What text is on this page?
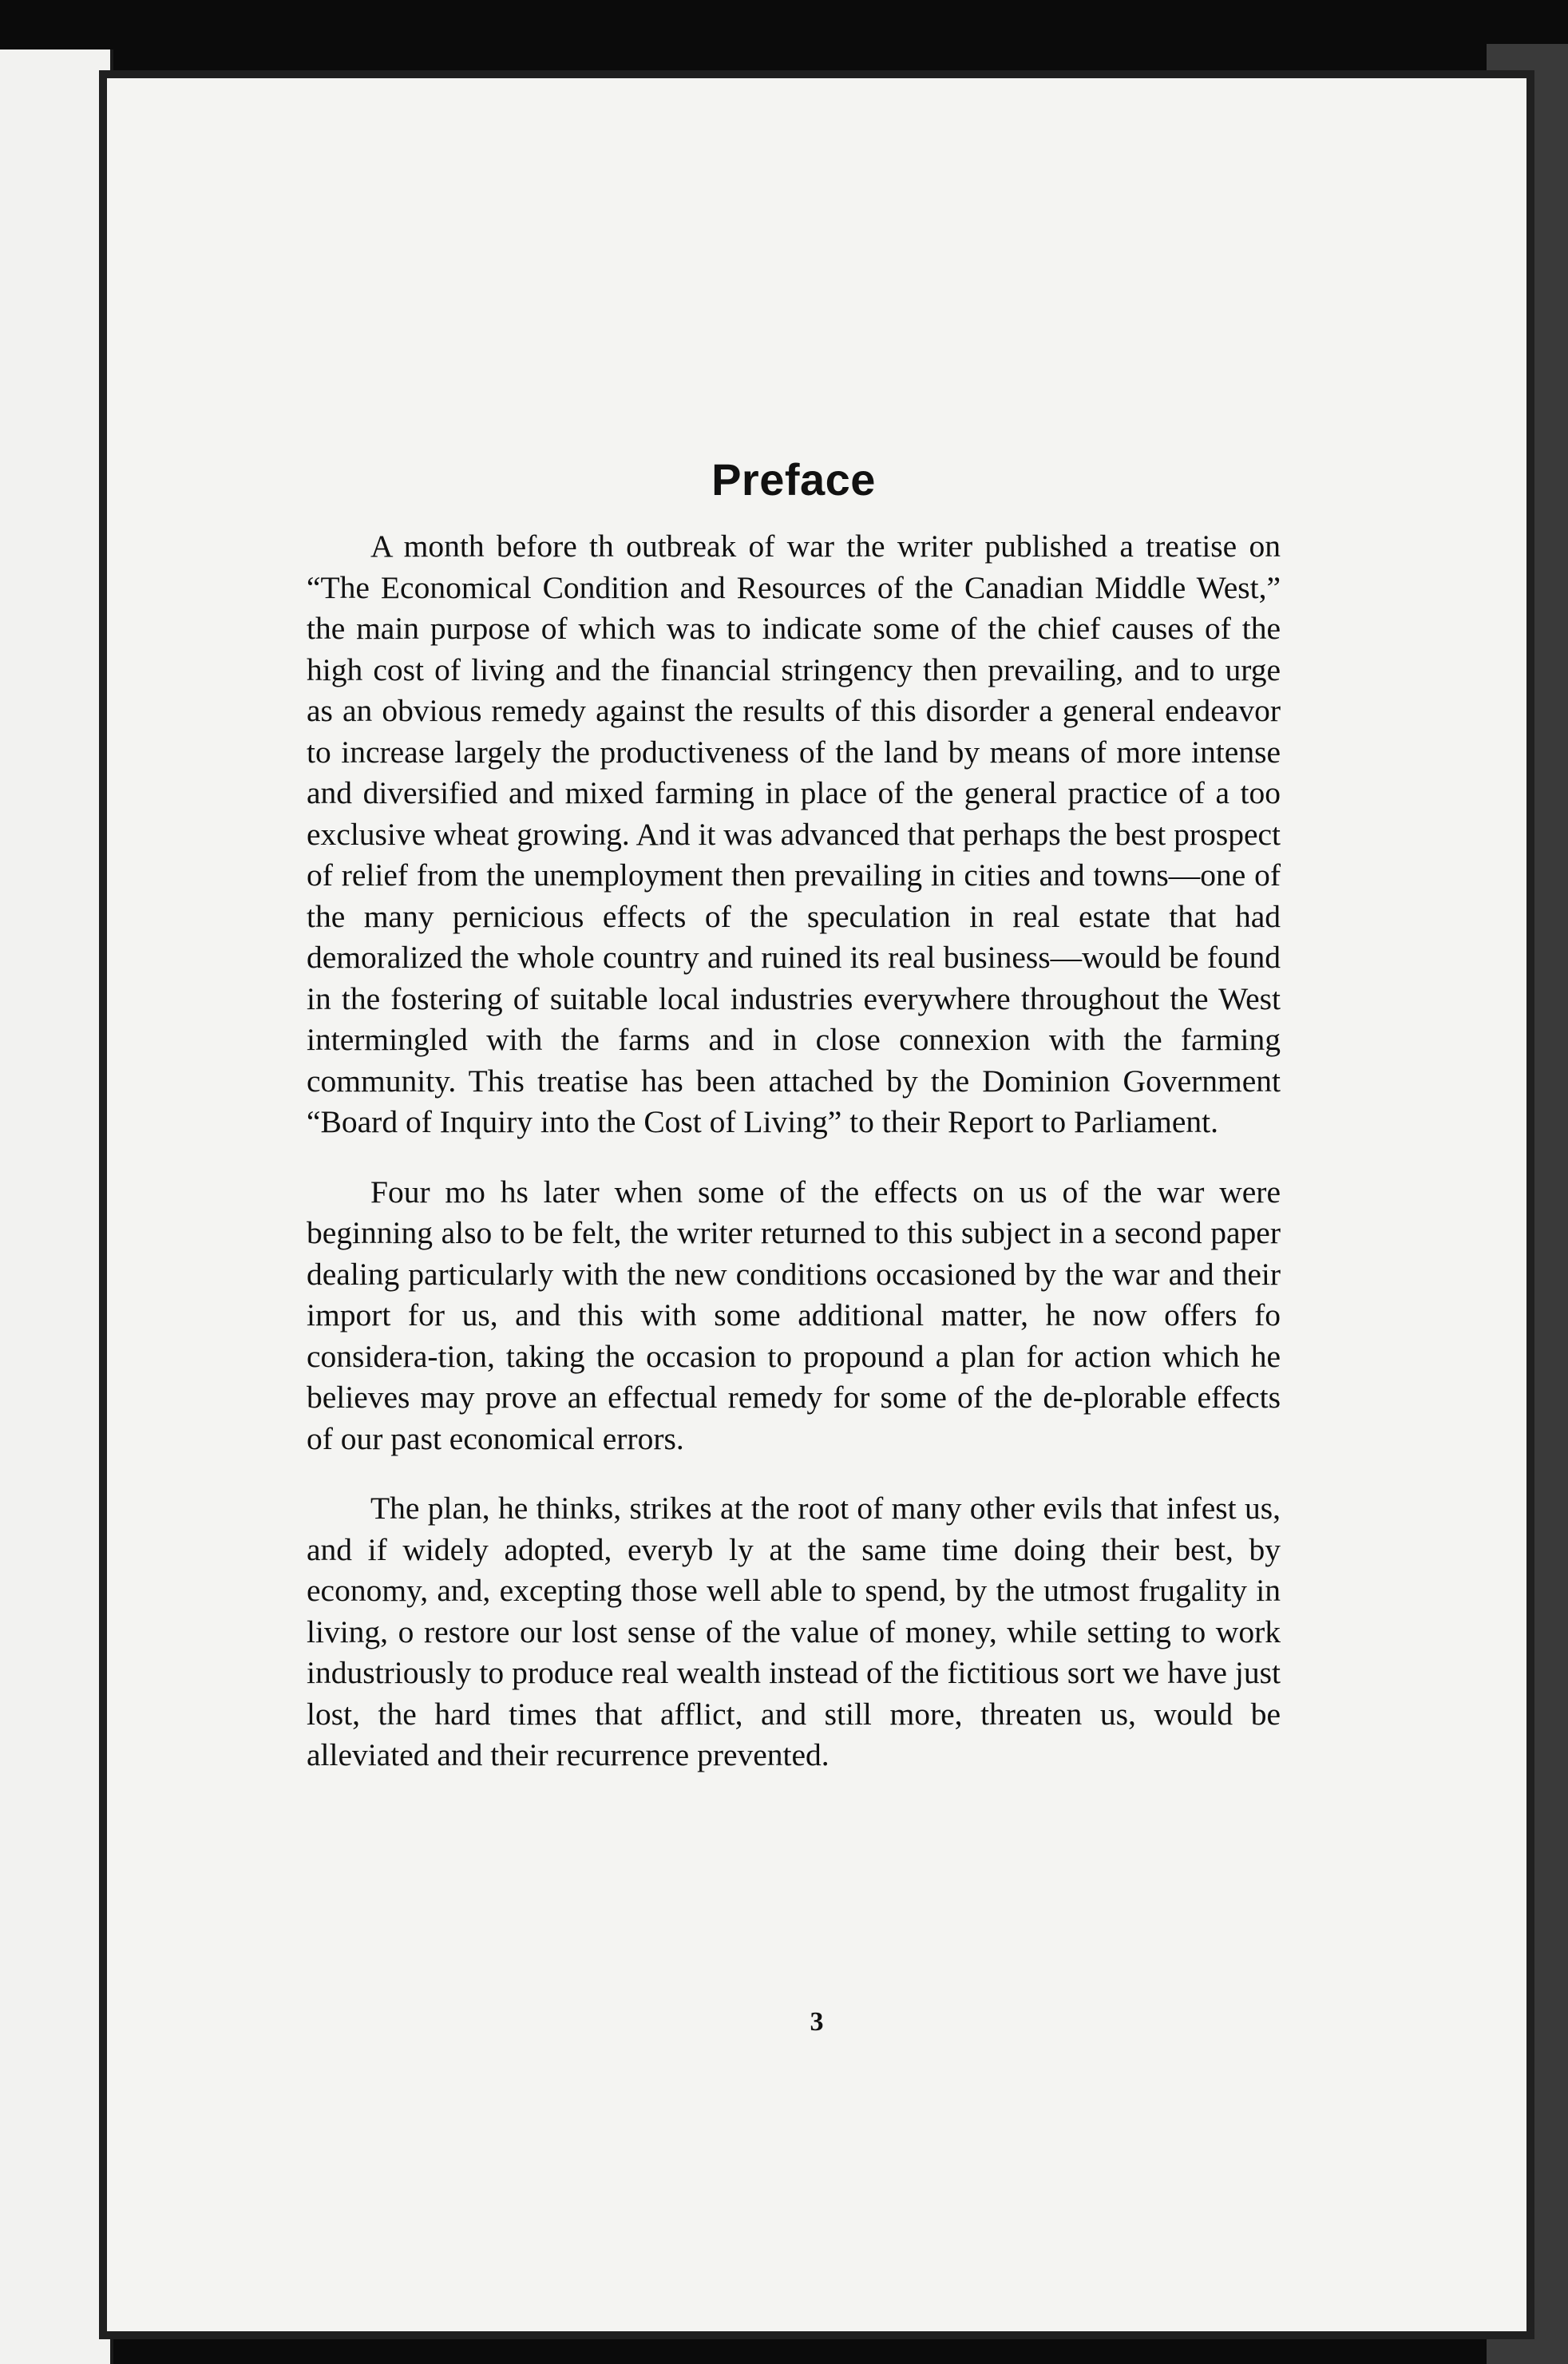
Preface

A month before th outbreak of war the writer published a treatise on “The Economical Condition and Resources of the Canadian Middle West,” the main purpose of which was to indicate some of the chief causes of the high cost of living and the financial stringency then prevailing, and to urge as an obvious remedy against the results of this disorder a general endeavor to increase largely the productiveness of the land by means of more intense and diversified and mixed farming in place of the general practice of a too exclusive wheat growing. And it was advanced that perhaps the best prospect of relief from the unemployment then prevailing in cities and towns—one of the many pernicious effects of the speculation in real estate that had demoralized the whole country and ruined its real business—would be found in the fostering of suitable local industries everywhere throughout the West intermingled with the farms and in close connexion with the farming community. This treatise has been attached by the Dominion Government “Board of Inquiry into the Cost of Living” to their Report to Parliament.

Four mo hs later when some of the effects on us of the war were beginning also to be felt, the writer returned to this subject in a second paper dealing particularly with the new conditions occasioned by the war and their import for us, and this with some additional matter, he now offers fo considera-tion, taking the occasion to propound a plan for action which he believes may prove an effectual remedy for some of the de-plorable effects of our past economical errors.

The plan, he thinks, strikes at the root of many other evils that infest us, and if widely adopted, everyb ly at the same time doing their best, by economy, and, excepting those well able to spend, by the utmost frugality in living, o restore our lost sense of the value of money, while setting to work industriously to produce real wealth instead of the fictitious sort we have just lost, the hard times that afflict, and still more, threaten us, would be alleviated and their recurrence prevented.

3
